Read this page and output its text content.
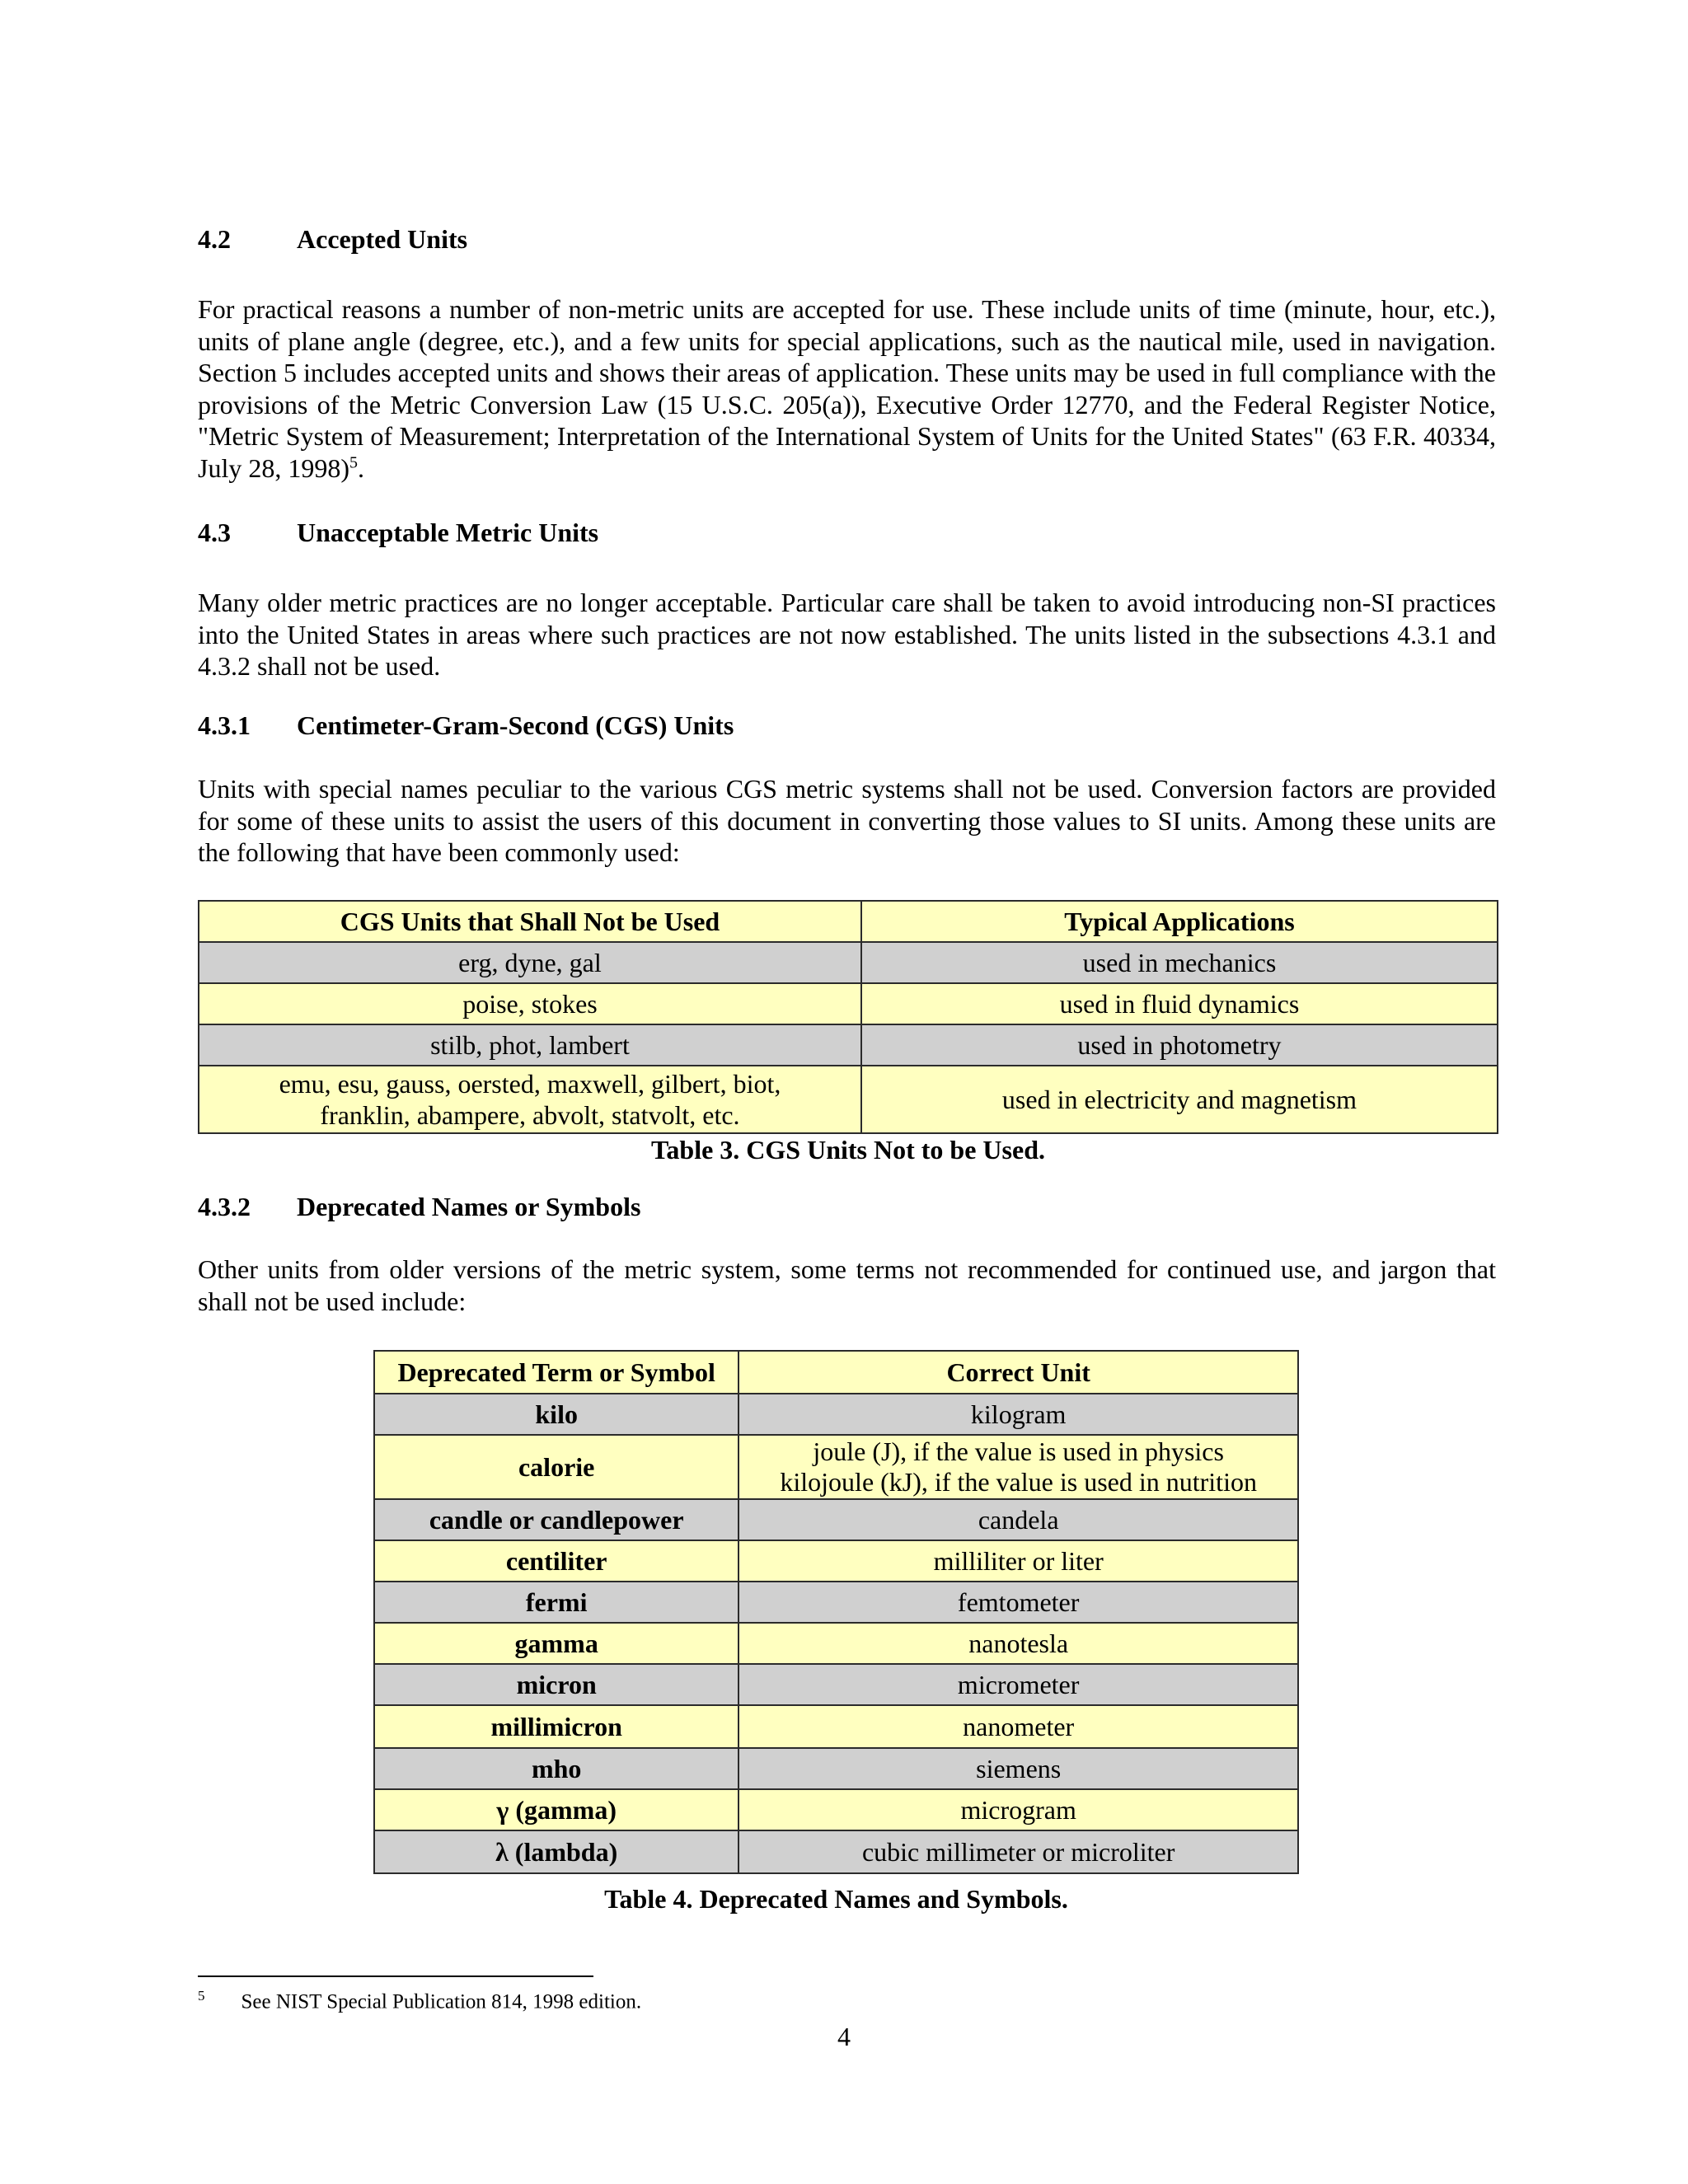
4.2	Accepted Units
For practical reasons a number of non-metric units are accepted for use. These include units of time (minute, hour, etc.), units of plane angle (degree, etc.), and a few units for special applications, such as the nautical mile, used in navigation. Section 5 includes accepted units and shows their areas of application. These units may be used in full compliance with the provisions of the Metric Conversion Law (15 U.S.C. 205(a)), Executive Order 12770, and the Federal Register Notice, "Metric System of Measurement; Interpretation of the International System of Units for the United States" (63 F.R. 40334, July 28, 1998)$^5$.
4.3	Unacceptable Metric Units
Many older metric practices are no longer acceptable. Particular care shall be taken to avoid introducing non-SI practices into the United States in areas where such practices are not now established. The units listed in the subsections 4.3.1 and 4.3.2 shall not be used.
4.3.1 Centimeter-Gram-Second (CGS) Units
Units with special names peculiar to the various CGS metric systems shall not be used. Conversion factors are provided for some of these units to assist the users of this document in converting those values to SI units. Among these units are the following that have been commonly used:
CGS Units that Shall Not be Used	Typical Applications
erg, dyne, gal	used in mechanics
poise, stokes	used in fluid dynamics
stilb, phot, lambert	used in photometry

emu, esu, gauss, oersted, maxwell, gilbert, biot,
franklin, abampere, abvolt, statvolt, etc.	used in electricity and magnetism
Table 3. CGS Units Not to be Used.
4.3.2 Deprecated Names or Symbols
Other units from older versions of the metric system, some terms not recommended for continued use, and jargon that shall not be used include:
Deprecated Term or Symbol	Correct Unit
kilo	kilogram
calorie	joule (J), if the value is used in physics
kilojoule (kJ), if the value is used in nutrition

candle or candlepower	candela
centiliter	milliliter or liter
fermi	femtometer
gamma	nanotesla
micron	micrometer
millimicron	nanometer
mho	siemens
γ (gamma)	microgram
λ (lambda)	cubic millimeter or microliter
Table 4. Deprecated Names and Symbols.
$^5$ See NIST Special Publication 814, 1998 edition.
4
